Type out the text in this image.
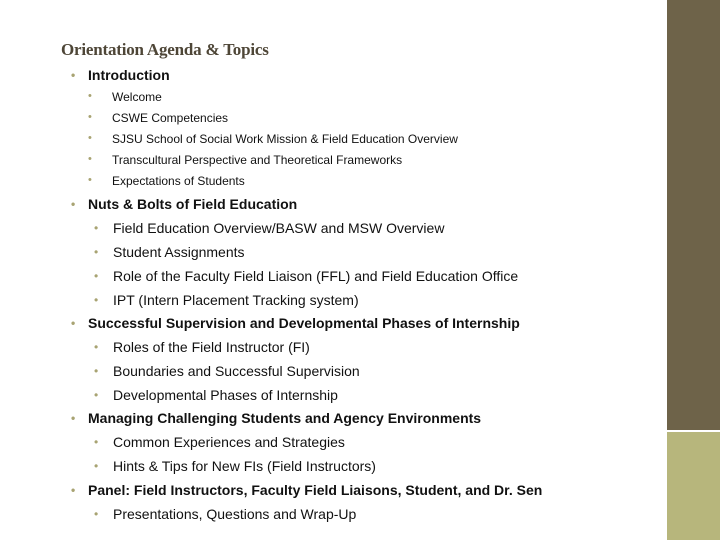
Orientation Agenda & Topics
• Introduction
• Welcome
• CSWE Competencies
• SJSU School of Social Work Mission & Field Education Overview
• Transcultural Perspective and Theoretical Frameworks
• Expectations of Students
• Nuts & Bolts of Field Education
• Field Education Overview/BASW and MSW Overview
• Student Assignments
• Role of the Faculty Field Liaison (FFL) and Field Education Office
• IPT (Intern Placement Tracking system)
• Successful Supervision and Developmental Phases of Internship
• Roles of the Field Instructor (FI)
• Boundaries and Successful Supervision
• Developmental Phases of Internship
• Managing Challenging Students and Agency Environments
• Common Experiences and Strategies
• Hints & Tips for New FIs (Field Instructors)
• Panel: Field Instructors, Faculty Field Liaisons, Student, and Dr. Sen
• Presentations, Questions and Wrap-Up
